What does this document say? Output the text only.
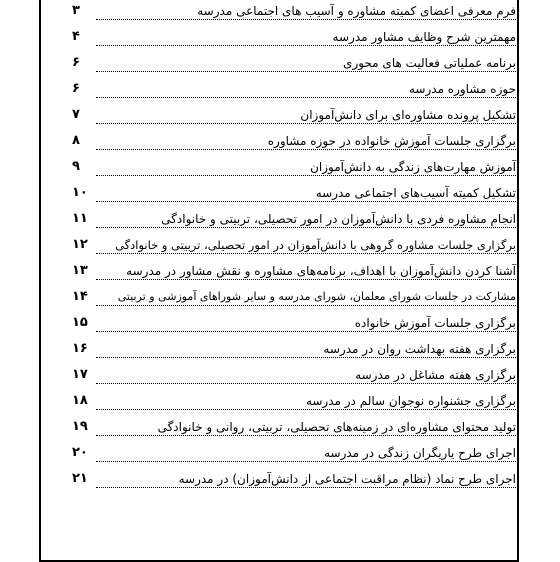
فرم معرفی اعضای کمیته مشاوره و آسیب های اجتماعی مدرسه
۳
مهمترین شرح وظایف مشاور مدرسه
۴
برنامه عملیاتی فعالیت های محوری
۶
حوزه مشاوره مدرسه
۶
تشکیل پرونده مشاوره‌ای برای دانش‌آموزان
۷
برگزاری جلسات آموزش خانواده در حوزه مشاوره
۸
آموزش مهارت‌های زندگی به دانش‌آموزان
۹
تشکیل کمیته آسیب‌های اجتماعی مدرسه
۱۰
انجام مشاوره فردی با دانش‌آموزان در امور تحصیلی، تربیتی و خانوادگی
۱۱
برگزاری جلسات مشاوره گروهی با دانش‌آموزان در امور تحصیلی، تربیتی و خانوادگی
۱۲
آشنا کردن دانش‌آموزان با اهداف، برنامه‌های مشاوره و نقش مشاور در مدرسه
۱۳
مشارکت در جلسات شورای معلمان، شورای مدرسه و سایر شوراهای آموزشی و تربیتی
۱۴
برگزاری جلسات آموزش خانواده
۱۵
برگزاری هفته بهداشت روان در مدرسه
۱۶
برگزاری هفته مشاغل در مدرسه
۱۷
برگزاری جشنواره نوجوان سالم در مدرسه
۱۸
تولید محتوای مشاوره‌ای در زمینه‌های تحصیلی، تربیتی، روانی و خانوادگی
۱۹
اجرای طرح یاریگران زندگی در مدرسه
۲۰
اجرای طرح نماد (نظام مراقبت اجتماعی از دانش‌آموزان) در مدرسه
۲۱
